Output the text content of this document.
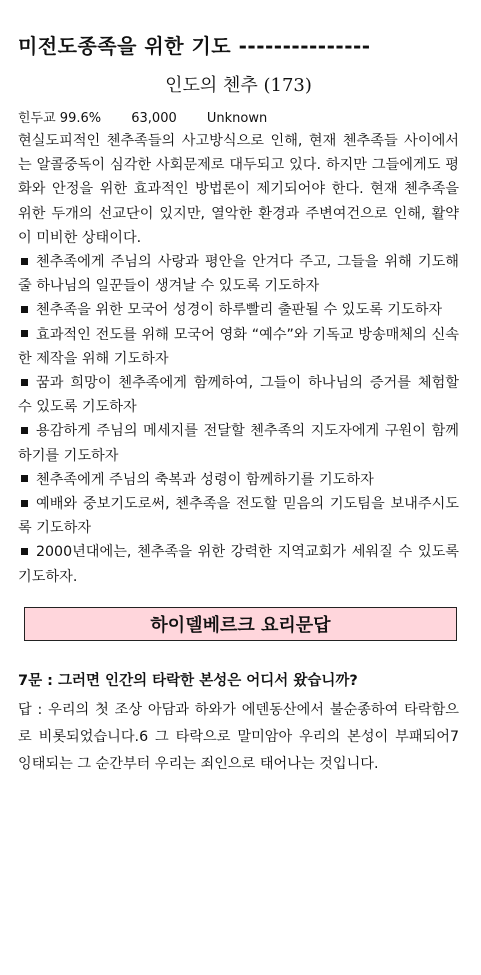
미전도종족을 위한 기도 ---------------
인도의 첸추 (173)
힌두교 99.6% 63,000 Unknown

현실도피적인 첸추족들의 사고방식으로 인해, 현재 첸추족들 사이에서는 알콜중독이 심각한 사회문제로 대두되고 있다. 하지만 그들에게도 평화와 안정을 위한 효과적인 방법론이 제기되어야 한다. 현재 첸추족을 위한 두개의 선교단이 있지만, 열악한 환경과 주변여건으로 인해, 활약이 미비한 상태이다.

첸추족에게 주님의 사랑과 평안을 안겨다 주고, 그들을 위해 기도해 줄 하나님의 일꾼들이 생겨날 수 있도록 기도하자
첸추족을 위한 모국어 성경이 하루빨리 출판될 수 있도록 기도하자
효과적인 전도를 위해 모국어 영화 “예수”와 기독교 방송매체의 신속한 제작을 위해 기도하자
꿈과 희망이 첸추족에게 함께하여, 그들이 하나님의 증거를 체험할 수 있도록 기도하자
용감하게 주님의 메세지를 전달할 첸추족의 지도자에게 구원이 함께하기를 기도하자
첸추족에게 주님의 축복과 성령이 함께하기를 기도하자
예배와 중보기도로써, 첸추족을 전도할 믿음의 기도팀을 보내주시도록 기도하자
2000년대에는, 첸추족을 위한 강력한 지역교회가 세워질 수 있도록 기도하자.
하이델베르크 요리문답

7문 : 그러면 인간의 타락한 본성은 어디서 왔습니까?

답 : 우리의 첫 조상 아담과 하와가 에덴동산에서 불순종하여 타락함으로 비롯되었습니다.6 그 타락으로 말미암아 우리의 본성이 부패되어7 잉태되는 그 순간부터 우리는 죄인으로 태어나는 것입니다.
